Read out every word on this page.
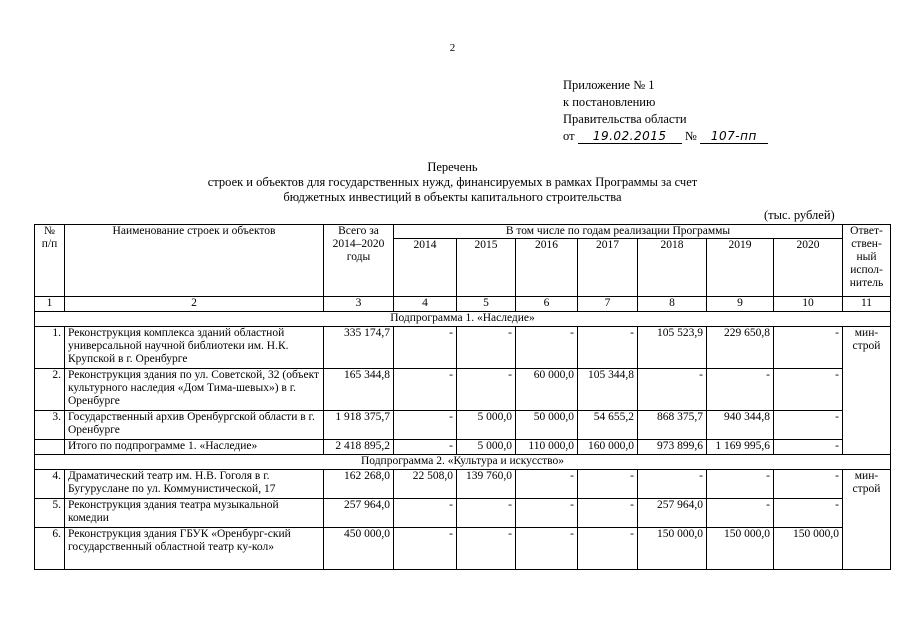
2
Приложение № 1
к постановлению
Правительства области
от 19.02.2015 № 107-пп
Перечень
строек и объектов для государственных нужд, финансируемых в рамках Программы за счет
бюджетных инвестиций в объекты капитального строительства
(тыс. рублей)
№ п/п	Наименование строек и объектов	Всего за 2014–2020 годы	В том числе по годам реализации Программы							Ответ-ствен-ный испол-нитель
			2014	2015	2016	2017	2018	2019	2020	
1	2	3	4	5	6	7	8	9	10	11
Подпрограмма 1. «Наследие»										
1.	Реконструкция комплекса зданий областной универсальной научной библиотеки им. Н.К. Крупской в г. Оренбурге	335 174,7	-	-	-	-	105 523,9	229 650,8	-	мин-строй
2.	Реконструкция здания по ул. Советской, 32 (объект культурного наследия «Дом Тима-шевых») в г. Оренбурге	165 344,8	-	-	60 000,0	105 344,8	-	-	-	
3.	Государственный архив Оренбургской области в г. Оренбурге	1 918 375,7	-	5 000,0	50 000,0	54 655,2	868 375,7	940 344,8	-	
	Итого по подпрограмме 1. «Наследие»	2 418 895,2	-	5 000,0	110 000,0	160 000,0	973 899,6	1 169 995,6	-	
Подпрограмма 2. «Культура и искусство»										
4.	Драматический театр им. Н.В. Гоголя в г. Бугуруслане по ул. Коммунистической, 17	162 268,0	22 508,0	139 760,0	-	-	-	-	-	мин-строй
5.	Реконструкция здания театра музыкальной комедии	257 964,0	-	-	-	-	257 964,0	-	-	
6.	Реконструкция здания ГБУК «Оренбург-ский государственный областной театр ку-кол»	450 000,0	-	-	-	-	150 000,0	150 000,0	150 000,0	
